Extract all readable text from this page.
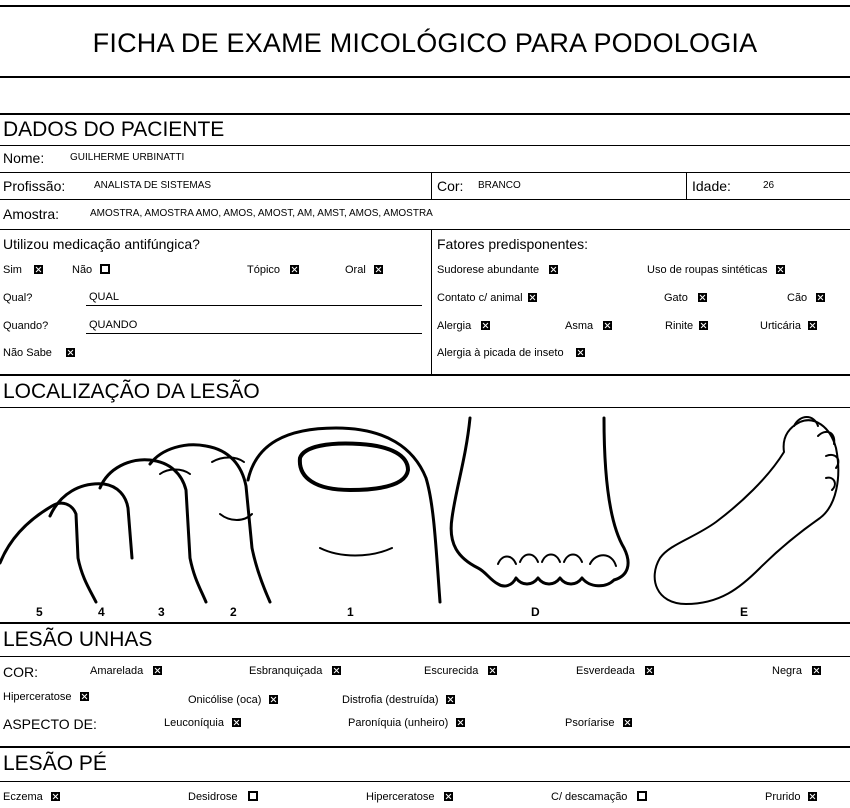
FICHA DE EXAME MICOLÓGICO PARA PODOLOGIA
DADOS DO PACIENTE
Nome:	GUILHERME URBINATTI
Profissão:	ANALISTA DE SISTEMAS	Cor: BRANCO	Idade:	26
Amostra:	AMOSTRA, AMOSTRA AMO, AMOS, AMOST, AM, AMST, AMOS, AMOSTRA
Utilizou medicação antifúngica?
Sim	Não	Tópico	Oral
Qual?	QUAL
Quando?	QUANDO
Não Sabe
Fatores predisponentes:
Sudorese abundante	Uso de roupas sintéticas
Contato c/ animal	Gato	Cão
Alergia	Asma	Rinite	Urticária
Alergia à picada de inseto
LOCALIZAÇÃO DA LESÃO
5	4	3	2	1	D	E
LESÃO UNHAS
COR:	Amarelada	Esbranquiçada	Escurecida	Esverdeada	Negra
Hiperceratose	Onicólise (oca)	Distrofia (destruída)
ASPECTO DE:	Leuconíquia	Paroníquia (unheiro)	Psoríarise
LESÃO PÉ
Eczema	Desidrose	Hiperceratose	C/ descamação	Prurido
